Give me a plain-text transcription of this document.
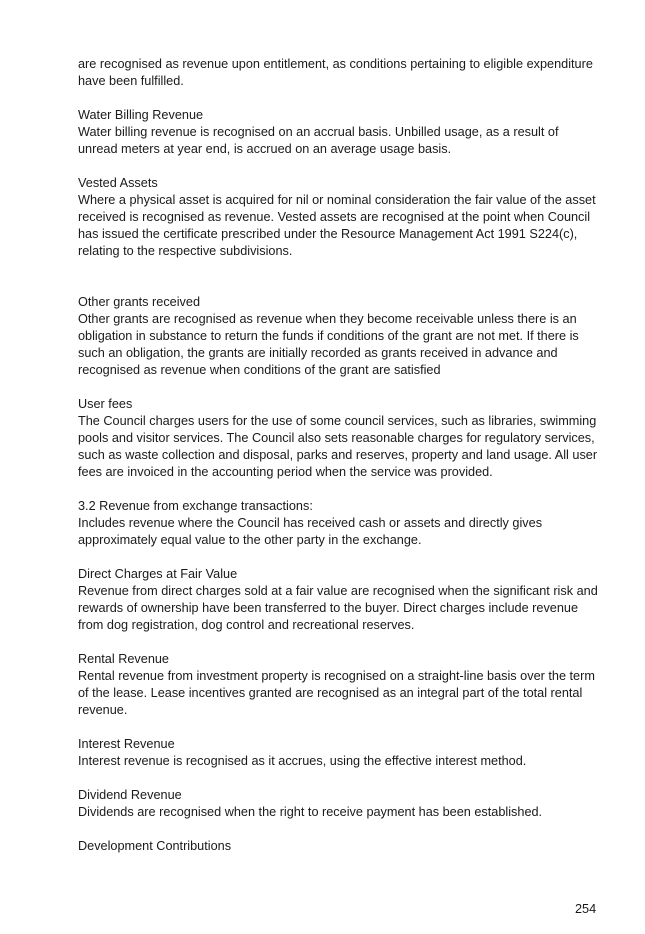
are recognised as revenue upon entitlement, as conditions pertaining to eligible expenditure have been fulfilled.

Water Billing Revenue

Water billing revenue is recognised on an accrual basis. Unbilled usage, as a result of unread meters at year end, is accrued on an average usage basis.

Vested Assets

Where a physical asset is acquired for nil or nominal consideration the fair value of the asset received is recognised as revenue. Vested assets are recognised at the point when Council has issued the certificate prescribed under the Resource Management Act 1991 S224(c), relating to the respective subdivisions.

Other grants received

Other grants are recognised as revenue when they become receivable unless there is an obligation in substance to return the funds if conditions of the grant are not met. If there is such an obligation, the grants are initially recorded as grants received in advance and recognised as revenue when conditions of the grant are satisfied

User fees

The Council charges users for the use of some council services, such as libraries, swimming pools and visitor services. The Council also sets reasonable charges for regulatory services, such as waste collection and disposal, parks and reserves, property and land usage. All user fees are invoiced in the accounting period when the service was provided.

3.2 Revenue from exchange transactions:

Includes revenue where the Council has received cash or assets and directly gives approximately equal value to the other party in the exchange.

Direct Charges at Fair Value

Revenue from direct charges sold at a fair value are recognised when the significant risk and rewards of ownership have been transferred to the buyer. Direct charges include revenue from dog registration, dog control and recreational reserves.

Rental Revenue

Rental revenue from investment property is recognised on a straight-line basis over the term of the lease. Lease incentives granted are recognised as an integral part of the total rental revenue.

Interest Revenue

Interest revenue is recognised as it accrues, using the effective interest method.

Dividend Revenue

Dividends are recognised when the right to receive payment has been established.

Development Contributions

254
